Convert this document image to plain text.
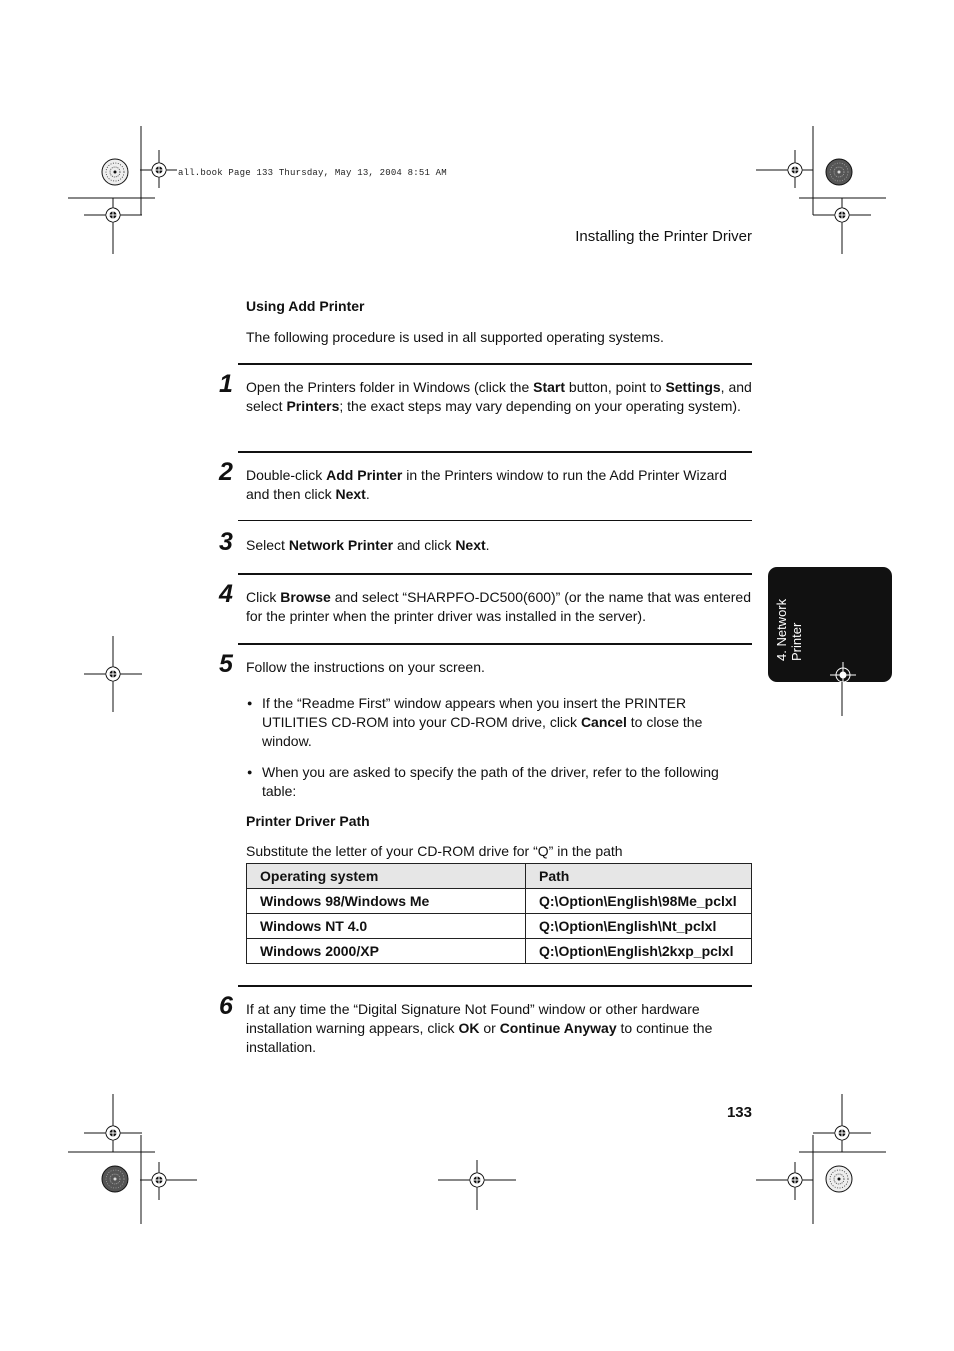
all.book Page 133 Thursday, May 13, 2004 8:51 AM
Installing the Printer Driver
Using Add Printer
The following procedure is used in all supported operating systems.
1 Open the Printers folder in Windows (click the Start button, point to Settings, and select Printers; the exact steps may vary depending on your operating system).
2 Double-click Add Printer in the Printers window to run the Add Printer Wizard and then click Next.
3 Select Network Printer and click Next.
4 Click Browse and select “SHARPFO-DC500(600)” (or the name that was entered for the printer when the printer driver was installed in the server).
5 Follow the instructions on your screen.
● If the “Readme First” window appears when you insert the PRINTER UTILITIES CD-ROM into your CD-ROM drive, click Cancel to close the window.
● When you are asked to specify the path of the driver, refer to the following table:
Printer Driver Path
Substitute the letter of your CD-ROM drive for “Q” in the path
Operating system	Path
Windows 98/Windows Me	Q:\Option\English\98Me_pclxl
Windows NT 4.0	Q:\Option\English\Nt_pclxl
Windows 2000/XP	Q:\Option\English\2kxp_pclxl
6 If at any time the “Digital Signature Not Found” window or other hardware installation warning appears, click OK or Continue Anyway to continue the installation.
4. Network Printer
133
